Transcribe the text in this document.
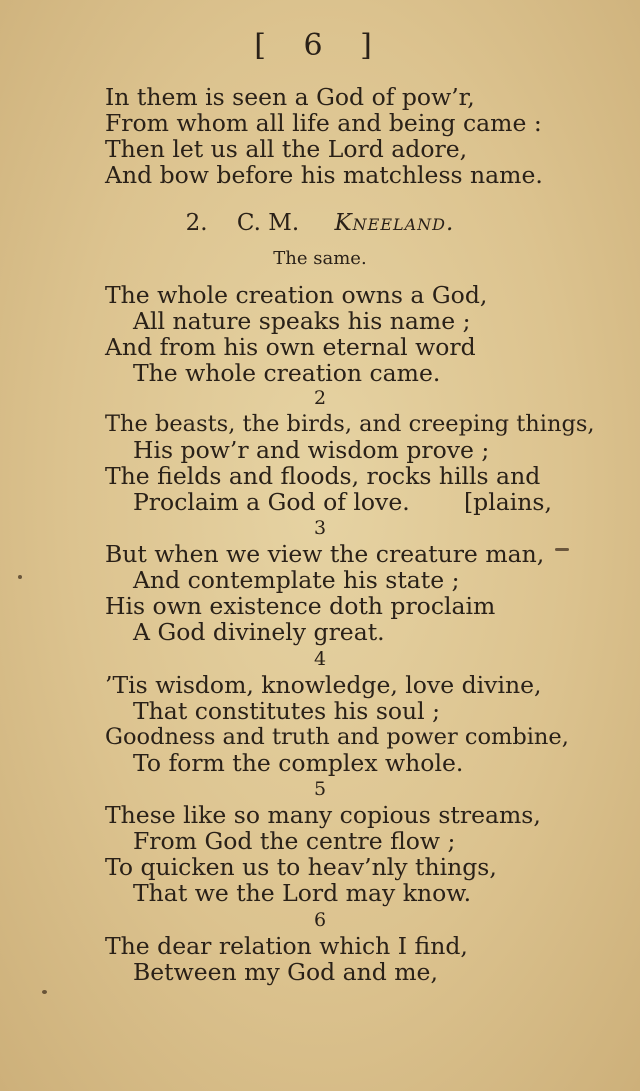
[ 6 ]
In them is seen a God of pow’r,
From whom all life and being came :
Then let us all the Lord adore,
And bow before his matchless name.
2. C. M. Kneeland.
The same.
The whole creation owns a God,
All nature speaks his name ;
And from his own eternal word
The whole creation came.
2
The beasts, the birds, and creeping things,
His pow’r and wisdom prove ;
The fields and floods, rocks hills and
Proclaim a God of love. [plains,
3
But when we view the creature man,
And contemplate his state ;
His own existence doth proclaim
A God divinely great.
4
’Tis wisdom, knowledge, love divine,
That constitutes his soul ;
Goodness and truth and power combine,
To form the complex whole.
5
These like so many copious streams,
From God the centre flow ;
To quicken us to heav’nly things,
That we the Lord may know.
6
The dear relation which I find,
Between my God and me,
